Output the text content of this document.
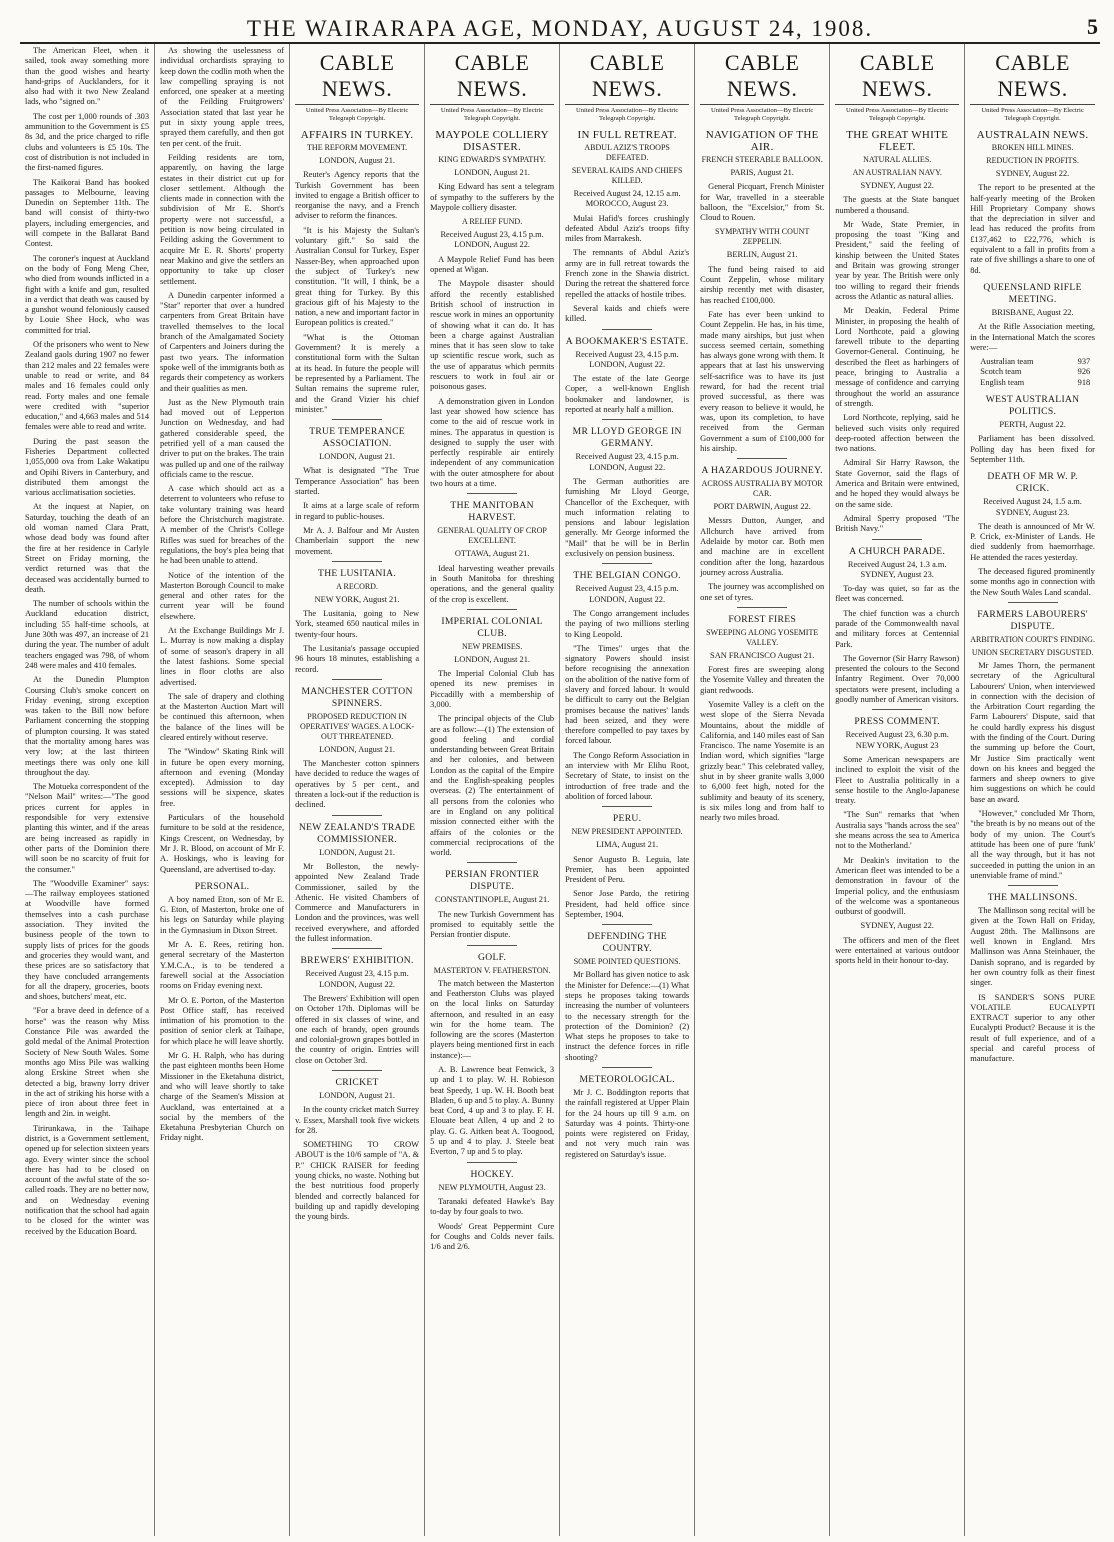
THE WAIRARAPA AGE, MONDAY, AUGUST 24, 1908.	5

The American Fleet, when it sailed, took away something more than the good wishes and hearty hand-grips of Aucklanders, for it also had with it two New Zealand lads, who "signed on."

The cost per 1,000 rounds of .303 ammunition to the Government is £5 8s 3d, and the price charged to rifle clubs and volunteers is £5 10s. The cost of distribution is not included in the first-named figures.

The Kaikorai Band has booked passages to Melbourne, leaving Dunedin on September 11th. The band will consist of thirty-two players, including emergencies, and will compete in the Ballarat Band Contest.

The coroner's inquest at Auckland on the body of Fong Meng Chee, who died from wounds inflicted in a fight with a knife and gun, resulted in a verdict that death was caused by a gunshot wound feloniously caused by Louie Shee Hock, who was committed for trial.

Of the prisoners who went to New Zealand gaols during 1907 no fewer than 212 males and 22 females were unable to read or write, and 84 males and 16 females could only read. Forty males and one female were credited with "superior education," and 4,663 males and 514 females were able to read and write.

During the past season the Fisheries Department collected 1,055,000 ova from Lake Wakatipu and Opihi Rivers in Canterbury, and distributed them amongst the various acclimatisation societies.

At the inquest at Napier, on Saturday, touching the death of an old woman named Clara Pratt, whose dead body was found after the fire at her residence in Carlyle Street on Friday morning, the verdict returned was that the deceased was accidentally burned to death.

The number of schools within the Auckland education district, including 55 half-time schools, at June 30th was 497, an increase of 21 during the year. The number of adult teachers engaged was 798, of whom 248 were males and 410 females.

At the Dunedin Plumpton Coursing Club's smoke concert on Friday evening, strong exception was taken to the Bill now before Parliament concerning the stopping of plumpton coursing. It was stated that the mortality among hares was very low; at the last thirteen meetings there was only one kill throughout the day.

The Motueka correspondent of the "Nelson Mail" writes:—"The good prices current for apples in respondsible for very extensive planting this winter, and if the areas are being increased as rapidly in other parts of the Dominion there will soon be no scarcity of fruit for the consumer."

The "Woodville Examiner" says:—The railway employees stationed at Woodville have formed themselves into a cash purchase association. They invited the business people of the town to supply lists of prices for the goods and groceries they would want, and these prices are so satisfactory that they have concluded arrangements for all the drapery, groceries, boots and shoes, butchers' meat, etc.

"For a brave deed in defence of a horse" was the reason why Miss Constance Pile was awarded the gold medal of the Animal Protection Society of New South Wales. Some months ago Miss Pile was walking along Erskine Street when she detected a big, brawny lorry driver in the act of striking his horse with a piece of iron about three feet in length and 2in. in weight.

Tirirunkawa, in the Taihape district, is a Government settlement, opened up for selection sixteen years ago. Every winter since the school there has had to be closed on account of the awful state of the so-called roads. They are no better now, and on Wednesday evening notification that the school had again to be closed for the winter was received by the Education Board.

As showing the uselessness of individual orchardists spraying to keep down the codlin moth when the law compelling spraying is not enforced, one speaker at a meeting of the Feilding Fruitgrowers' Association stated that last year he put in sixty young apple trees, sprayed them carefully, and then got ten per cent. of the fruit.

Feilding residents are torn, apparently, on having the large estates in their district cut up for closer settlement. Although the clients made in connection with the subdivision of Mr E. Short's property were not successful, a petition is now being circulated in Feilding asking the Government to acquire Mr E. R. Shorts' property near Makino and give the settlers an opportunity to take up closer settlement.

A Dunedin carpenter informed a "Star" reporter that over a hundred carpenters from Great Britain have travelled themselves to the local branch of the Amalgamated Society of Carpenters and Joiners during the past two years. The information spoke well of the immigrants both as regards their competency as workers and their qualities as men.

Just as the New Plymouth train had moved out of Lepperton Junction on Wednesday, and had gathered considerable speed, the petrified yell of a man caused the driver to put on the brakes. The train was pulled up and one of the railway officials came to the rescue.

A case which should act as a deterrent to volunteers who refuse to take voluntary training was heard before the Christchurch magistrate. A member of the Christ's College Rifles was sued for breaches of the regulations, the boy's plea being that he had been unable to attend.

Notice of the intention of the Masterton Borough Council to make general and other rates for the current year will be found elsewhere.

At the Exchange Buildings Mr J. L. Murray is now making a display of some of season's drapery in all the latest fashions. Some special lines in floor cloths are also advertised.

The sale of drapery and clothing at the Masterton Auction Mart will be continued this afternoon, when the balance of the lines will be cleared entirely without reserve.

The "Window" Skating Rink will in future be open every morning, afternoon and evening (Monday excepted). Admission to day sessions will be sixpence, skates free.

Particulars of the household furniture to be sold at the residence, Kings Crescent, on Wednesday, by Mr J. R. Blood, on account of Mr F. A. Hoskings, who is leaving for Queensland, are advertised to-day.

PERSONAL.

A boy named Eton, son of Mr E. G. Eton, of Masterton, broke one of his legs on Saturday while playing in the Gymnasium in Dixon Street.

Mr A. E. Rees, retiring hon. general secretary of the Masterton Y.M.C.A., is to be tendered a farewell social at the Association rooms on Friday evening next.

Mr O. E. Porton, of the Masterton Post Office staff, has received intimation of his promotion to the position of senior clerk at Taihape, for which place he will leave shortly.

Mr G. H. Ralph, who has during the past eighteen months been Home Missioner in the Eketahuna district, and who will leave shortly to take charge of the Seamen's Mission at Auckland, was entertained at a social by the members of the Eketahuna Presbyterian Church on Friday night.

CABLE NEWS.
United Press Association—By Electric Telegraph Copyright.
AFFAIRS IN TURKEY.
THE REFORM MOVEMENT.

LONDON, August 21.

Reuter's Agency reports that the Turkish Government has been invited to engage a British officer to reorganise the navy, and a French adviser to reform the finances.

"It is his Majesty the Sultan's voluntary gift." So said the Australian Consul for Turkey, Esper Nasser-Bey, when approached upon the subject of Turkey's new constitution. "It will, I think, be a great thing for Turkey. By this gracious gift of his Majesty to the nation, a new and important factor in European politics is created."

"What is the Ottoman Government? It is merely a constitutional form with the Sultan at its head. In future the people will be represented by a Parliament. The Sultan remains the supreme ruler, and the Grand Vizier his chief minister."

TRUE TEMPERANCE ASSOCIATION.

LONDON, August 21.

What is designated "The True Temperance Association" has been started.

It aims at a large scale of reform in regard to public-houses.

Mr A. J. Balfour and Mr Austen Chamberlain support the new movement.

THE LUSITANIA.
A RECORD.

NEW YORK, August 21.

The Lusitania, going to New York, steamed 650 nautical miles in twenty-four hours.

The Lusitania's passage occupied 96 hours 18 minutes, establishing a record.

MANCHESTER COTTON SPINNERS.
PROPOSED REDUCTION IN OPERATIVES' WAGES. A LOCK-OUT THREATENED.

LONDON, August 21.

The Manchester cotton spinners have decided to reduce the wages of operatives by 5 per cent., and threaten a lock-out if the reduction is declined.

NEW ZEALAND'S TRADE COMMISSIONER.

LONDON, August 21.

Mr Bolleston, the newly-appointed New Zealand Trade Commissioner, sailed by the Athenic. He visited Chambers of Commerce and Manufacturers in London and the provinces, was well received everywhere, and afforded the fullest information.

BREWERS' EXHIBITION.

Received August 23, 4.15 p.m. LONDON, August 22.

The Brewers' Exhibition will open on October 17th. Diplomas will be offered in six classes of wine, and one each of brandy, open grounds and colonial-grown grapes bottled in the country of origin. Entries will close on October 3rd.

CRICKET

LONDON, August 21.

In the county cricket match Surrey v. Essex, Marshall took five wickets for 28.

SOMETHING TO CROW ABOUT is the 10/6 sample of "A. & P." CHICK RAISER for feeding young chicks, no waste. Nothing but the best nutritious food properly blended and correctly balanced for building up and rapidly developing the young birds.

CABLE NEWS.
United Press Association—By Electric Telegraph Copyright.
MAYPOLE COLLIERY DISASTER.
KING EDWARD'S SYMPATHY.

LONDON, August 21.

King Edward has sent a telegram of sympathy to the sufferers by the Maypole colliery disaster.

A RELIEF FUND.

Received August 23, 4.15 p.m. LONDON, August 22.

A Maypole Relief Fund has been opened at Wigan.

The Maypole disaster should afford the recently established British school of instruction in rescue work in mines an opportunity of showing what it can do. It has been a charge against Australian mines that it has seen slow to take up scientific rescue work, such as the use of apparatus which permits rescuers to work in foul air or poisonous gases.

A demonstration given in London last year showed how science has come to the aid of rescue work in mines. The apparatus in question is designed to supply the user with perfectly respirable air entirely independent of any communication with the outer atmosphere for about two hours at a time.

THE MANITOBAN HARVEST.
GENERAL QUALITY OF CROP EXCELLENT.

OTTAWA, August 21.

Ideal harvesting weather prevails in South Manitoba for threshing operations, and the general quality of the crop is excellent.

IMPERIAL COLONIAL CLUB.
NEW PREMISES.

LONDON, August 21.

The Imperial Colonial Club has opened its new premises in Piccadilly with a membership of 3,000.

The principal objects of the Club are as follow:—(1) The extension of good feeling and cordial understanding between Great Britain and her colonies, and between London as the capital of the Empire and the English-speaking peoples overseas. (2) The entertainment of all persons from the colonies who are in England on any political mission connected either with the affairs of the colonies or the commercial reciprocations of the world.

PERSIAN FRONTIER DISPUTE.

CONSTANTINOPLE, August 21.

The new Turkish Government has promised to equitably settle the Persian frontier dispute.

GOLF.
MASTERTON V. FEATHERSTON.

The match between the Masterton and Featherston Clubs was played on the local links on Saturday afternoon, and resulted in an easy win for the home team. The following are the scores (Masterton players being mentioned first in each instance):—

A. B. Lawrence beat Fenwick, 3 up and 1 to play. W. H. Robieson beat Speedy, 1 up. W. H. Booth beat Bladen, 6 up and 5 to play. A. Bunny beat Cord, 4 up and 3 to play. F. H. Elouate beat Allen, 4 up and 2 to play. G. G. Aitken beat A. Toogood, 5 up and 4 to play. J. Steele beat Everton, 7 up and 5 to play.

HOCKEY.

NEW PLYMOUTH, August 23.

Taranaki defeated Hawke's Bay to-day by four goals to two.

Woods' Great Peppermint Cure for Coughs and Colds never fails. 1/6 and 2/6.

CABLE NEWS.
United Press Association—By Electric Telegraph Copyright.
IN FULL RETREAT.
ABDUL AZIZ'S TROOPS DEFEATED.
SEVERAL KAIDS AND CHIEFS KILLED.

Received August 24, 12.15 a.m. MOROCCO, August 23.

Mulai Hafid's forces crushingly defeated Abdul Aziz's troops fifty miles from Marrakesh.

The remnants of Abdul Aziz's army are in full retreat towards the French zone in the Shawia district. During the retreat the shattered force repelled the attacks of hostile tribes.

Several kaids and chiefs were killed.

A BOOKMAKER'S ESTATE.

Received August 23, 4.15 p.m. LONDON, August 22.

The estate of the late George Coper, a well-known English bookmaker and landowner, is reported at nearly half a million.

MR LLOYD GEORGE IN GERMANY.

Received August 23, 4.15 p.m. LONDON, August 22.

The German authorities are furnishing Mr Lloyd George, Chancellor of the Exchequer, with much information relating to pensions and labour legislation generally. Mr George informed the "Mail" that he will be in Berlin exclusively on pension business.

THE BELGIAN CONGO.

Received August 23, 4.15 p.m. LONDON, August 22.

The Congo arrangement includes the paying of two millions sterling to King Leopold.

"The Times" urges that the signatory Powers should insist before recognising the annexation on the abolition of the native form of slavery and forced labour. It would be difficult to carry out the Belgian promises because the natives' lands had been seized, and they were therefore compelled to pay taxes by forced labour.

The Congo Reform Association in an interview with Mr Elihu Root, Secretary of State, to insist on the introduction of free trade and the abolition of forced labour.

PERU.
NEW PRESIDENT APPOINTED.

LIMA, August 21.

Senor Augusto B. Leguia, late Premier, has been appointed President of Peru.

Senor Jose Pardo, the retiring President, had held office since September, 1904.

DEFENDING THE COUNTRY.
SOME POINTED QUESTIONS.

Mr Bollard has given notice to ask the Minister for Defence:—(1) What steps he proposes taking towards increasing the number of volunteers to the necessary strength for the protection of the Dominion? (2) What steps he proposes to take to instruct the defence forces in rifle shooting?

METEOROLOGICAL.

Mr J. C. Boddington reports that the rainfall registered at Upper Plain for the 24 hours up till 9 a.m. on Saturday was 4 points. Thirty-one points were registered on Friday, and not very much rain was registered on Saturday's issue.

CABLE NEWS.
United Press Association—By Electric Telegraph Copyright.
NAVIGATION OF THE AIR.
FRENCH STEERABLE BALLOON.

PARIS, August 21.

General Picquart, French Minister for War, travelled in a steerable balloon, the "Excelsior," from St. Cloud to Rouen.

SYMPATHY WITH COUNT ZEPPELIN.

BERLIN, August 21.

The fund being raised to aid Count Zeppelin, whose military airship recently met with disaster, has reached £100,000.

Fate has ever been unkind to Count Zeppelin. He has, in his time, made many airships, but just when success seemed certain, something has always gone wrong with them. It appears that at last his unswerving self-sacrifice was to have its just reward, for had the recent trial proved successful, as there was every reason to believe it would, he was, upon its completion, to have received from the German Government a sum of £100,000 for his airship.

A HAZARDOUS JOURNEY.
ACROSS AUSTRALIA BY MOTOR CAR.

PORT DARWIN, August 22.

Messrs Dutton, Aunger, and Allchurch have arrived from Adelaide by motor car. Both men and machine are in excellent condition after the long, hazardous journey across Australia.

The journey was accomplished on one set of tyres.

FOREST FIRES
SWEEPING ALONG YOSEMITE VALLEY.

SAN FRANCISCO August 21.

Forest fires are sweeping along the Yosemite Valley and threaten the giant redwoods.

Yosemite Valley is a cleft on the west slope of the Sierra Nevada Mountains, about the middle of California, and 140 miles east of San Francisco. The name Yosemite is an Indian word, which signifies "large grizzly bear." This celebrated valley, shut in by sheer granite walls 3,000 to 6,000 feet high, noted for the sublimity and beauty of its scenery, is six miles long and from half to nearly two miles broad.

CABLE NEWS.
United Press Association—By Electric Telegraph Copyright.
THE GREAT WHITE FLEET.
NATURAL ALLIES.
AN AUSTRALIAN NAVY.

SYDNEY, August 22.

The guests at the State banquet numbered a thousand.

Mr Wade, State Premier, in proposing the toast "King and President," said the feeling of kinship between the United States and Britain was growing stronger year by year. The British were only too willing to regard their friends across the Atlantic as natural allies.

Mr Deakin, Federal Prime Minister, in proposing the health of Lord Northcote, paid a glowing farewell tribute to the departing Governor-General. Continuing, he described the fleet as harbingers of peace, bringing to Australia a message of confidence and carrying throughout the world an assurance of strength.

Lord Northcote, replying, said he believed such visits only required deep-rooted affection between the two nations.

Admiral Sir Harry Rawson, the State Governor, said the flags of America and Britain were entwined, and he hoped they would always be on the same side.

Admiral Sperry proposed "The British Navy."

A CHURCH PARADE.

Received August 24, 1.3 a.m. SYDNEY, August 23.

To-day was quiet, so far as the fleet was concerned.

The chief function was a church parade of the Commonwealth naval and military forces at Centennial Park.

The Governor (Sir Harry Rawson) presented the colours to the Second Infantry Regiment. Over 70,000 spectators were present, including a goodly number of American visitors.

PRESS COMMENT.

Received August 23, 6.30 p.m. NEW YORK, August 23

Some American newspapers are inclined to exploit the visit of the Fleet to Australia politically in a sense hostile to the Anglo-Japanese treaty.

"The Sun" remarks that 'when Australia says "hands across the sea" she means across the sea to America not to the Motherland.'

Mr Deakin's invitation to the American fleet was intended to be a demonstration in favour of the Imperial policy, and the enthusiasm of the welcome was a spontaneous outburst of goodwill.

SYDNEY, August 22.

The officers and men of the fleet were entertained at various outdoor sports held in their honour to-day.

CABLE NEWS.
United Press Association—By Electric Telegraph Copyright.
AUSTRALAIN NEWS.
BROKEN HILL MINES.
REDUCTION IN PROFITS.

SYDNEY, August 22.

The report to be presented at the half-yearly meeting of the Broken Hill Proprietary Company shows that the depreciation in silver and lead has reduced the profits from £137,462 to £22,776, which is equivalent to a fall in profits from a rate of five shillings a share to one of 8d.

QUEENSLAND RIFLE MEETING.

BRISBANE, August 22.

At the Rifle Association meeting, in the International Match the scores were:—

Australian team	937
Scotch team	926
English team	918
WEST AUSTRALIAN POLITICS.

PERTH, August 22.

Parliament has been dissolved. Polling day has been fixed for September 11th.

DEATH OF MR W. P. CRICK.

Received August 24, 1.5 a.m. SYDNEY, August 23.

The death is announced of Mr W. P. Crick, ex-Minister of Lands. He died suddenly from haemorrhage. He attended the races yesterday.

The deceased figured prominently some months ago in connection with the New South Wales Land scandal.

FARMERS LABOURERS' DISPUTE.
ARBITRATION COURT'S FINDING.
UNION SECRETARY DISGUSTED.

Mr James Thorn, the permanent secretary of the Agricultural Labourers' Union, when interviewed in connection with the decision of the Arbitration Court regarding the Farm Labourers' Dispute, said that he could hardly express his disgust with the finding of the Court. During the summing up before the Court, Mr Justice Sim practically went down on his knees and begged the farmers and sheep owners to give him suggestions on which he could base an award.

"However," concluded Mr Thorn, "the breath is by no means out of the body of my union. The Court's attitude has been one of pure 'funk' all the way through, but it has not succeeded in putting the union in an unenviable frame of mind."

THE MALLINSONS.

The Mallinson song recital will be given at the Town Hall on Friday, August 28th. The Mallinsons are well known in England. Mrs Mallinson was Anna Steinhauer, the Danish soprano, and is regarded by her own country folk as their finest singer.

IS SANDER'S SONS PURE VOLATILE EUCALYPTI EXTRACT superior to any other Eucalypti Product? Because it is the result of full experience, and of a special and careful process of manufacture.
